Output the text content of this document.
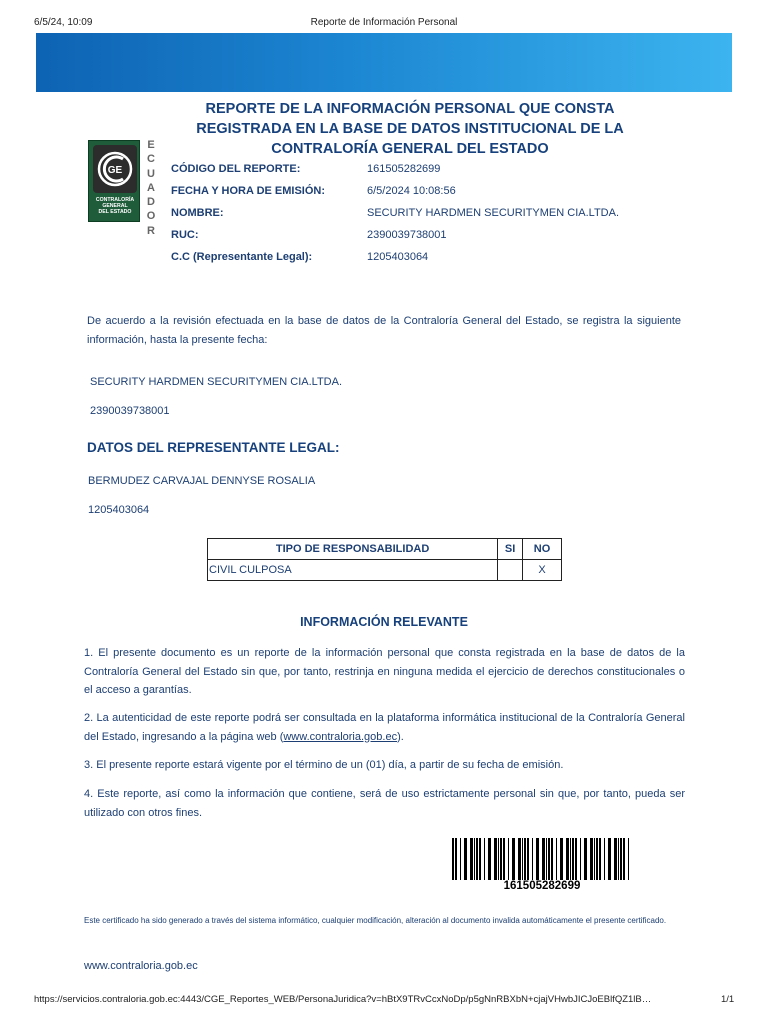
6/5/24, 10:09	Reporte de Información Personal
REPORTE DE LA INFORMACIÓN PERSONAL QUE CONSTA
REGISTRADA EN LA BASE DE DATOS INSTITUCIONAL DE LA
CONTRALORÍA GENERAL DEL ESTADO
GE
CONTRALORÍA
GENERAL
DEL ESTADO
E
C
U
A
D
O
R
CÓDIGO DEL REPORTE:	161505282699
FECHA Y HORA DE EMISIÓN:	6/5/2024 10:08:56
NOMBRE:	SECURITY HARDMEN SECURITYMEN CIA.LTDA.
RUC:	2390039738001
C.C (Representante Legal):	1205403064

De acuerdo a la revisión efectuada en la base de datos de la Contraloría General del Estado, se registra la siguiente información, hasta la presente fecha:

SECURITY HARDMEN SECURITYMEN CIA.LTDA.
2390039738001
DATOS DEL REPRESENTANTE LEGAL:
BERMUDEZ CARVAJAL DENNYSE ROSALIA
1205403064
TIPO DE RESPONSABILIDAD	SI	NO
CIVIL CULPOSA		X
INFORMACIÓN RELEVANTE

1. El presente documento es un reporte de la información personal que consta registrada en la base de datos de la Contraloría General del Estado sin que, por tanto, restrinja en ninguna medida el ejercicio de derechos constitucionales o el acceso a garantías.

2. La autenticidad de este reporte podrá ser consultada en la plataforma informática institucional de la Contraloría General del Estado, ingresando a la página web (www.contraloria.gob.ec).

3. El presente reporte estará vigente por el término de un (01) día, a partir de su fecha de emisión.

4. Este reporte, así como la información que contiene, será de uso estrictamente personal sin que, por tanto, pueda ser utilizado con otros fines.

161505282699

Este certificado ha sido generado a través del sistema informático, cualquier modificación, alteración al documento invalida automáticamente el presente certificado.

www.contraloria.gob.ec
https://servicios.contraloria.gob.ec:4443/CGE_Reportes_WEB/PersonaJuridica?v=hBtX9TRvCcxNoDp/p5gNnRBXbN+cjajVHwbJICJoEBlfQZ1lB…	1/1
